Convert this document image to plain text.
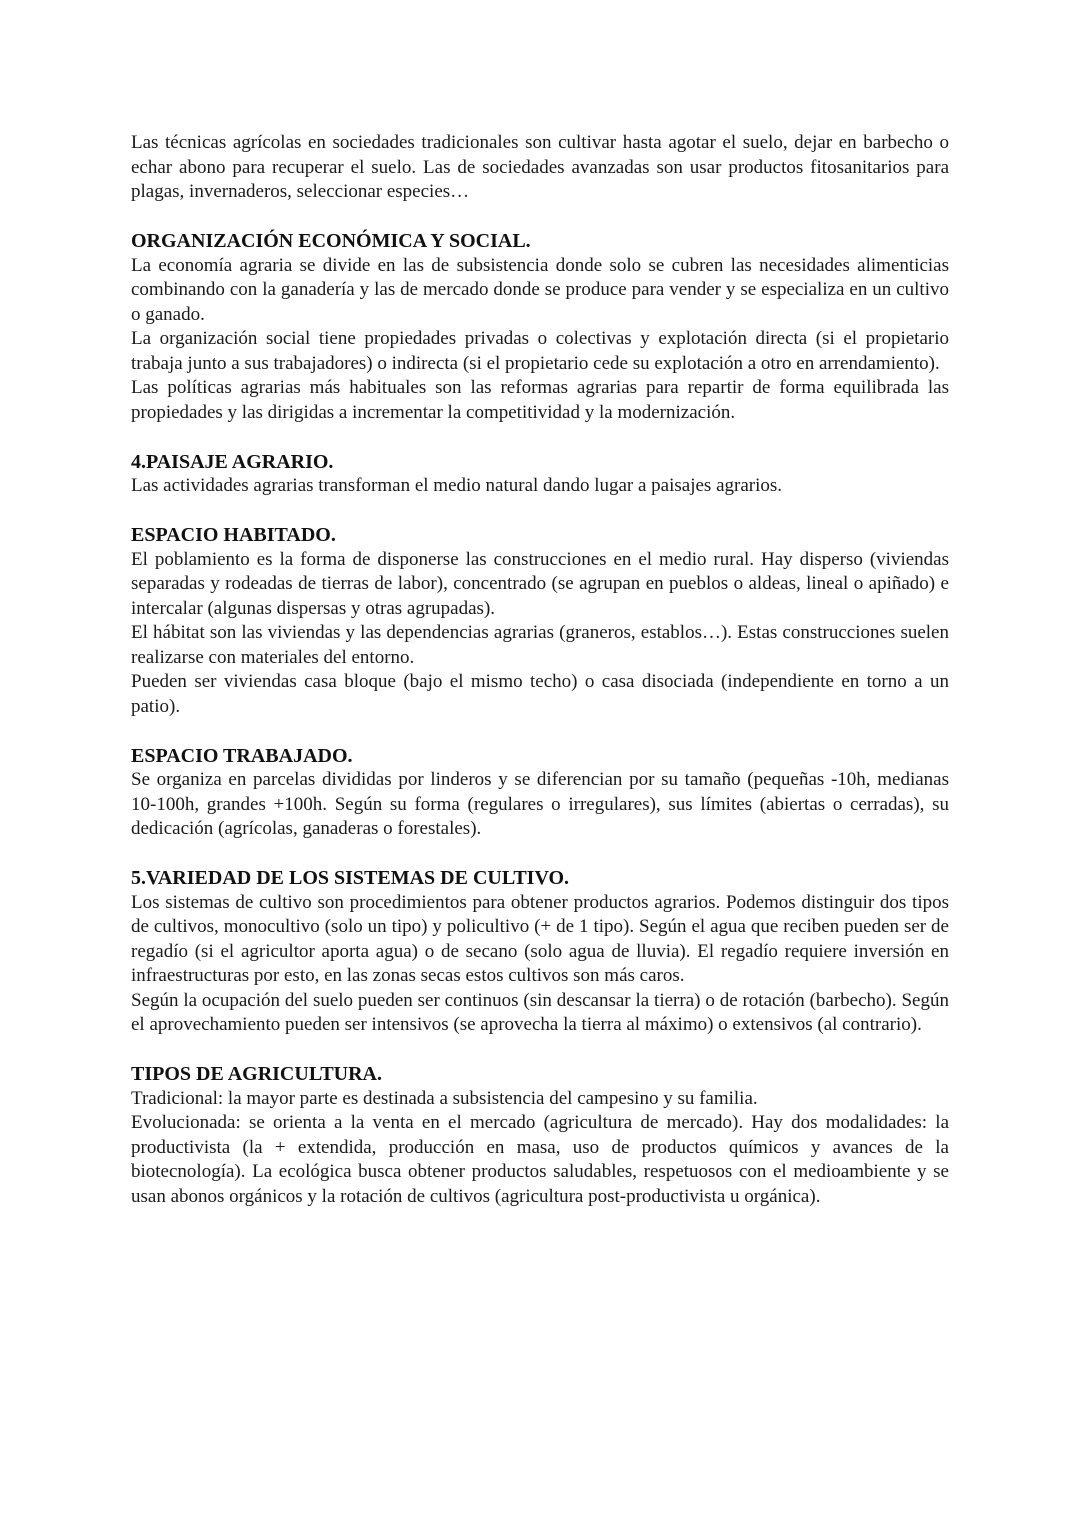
Las técnicas agrícolas en sociedades tradicionales son cultivar hasta agotar el suelo, dejar en barbecho o echar abono para recuperar el suelo. Las de sociedades avanzadas son usar productos fitosanitarios para plagas, invernaderos, seleccionar especies…

ORGANIZACIÓN ECONÓMICA Y SOCIAL.

La economía agraria se divide en las de subsistencia donde solo se cubren las necesidades alimenticias combinando con la ganadería y las de mercado donde se produce para vender y se especializa en un cultivo o ganado.

La organización social tiene propiedades privadas o colectivas y explotación directa (si el propietario trabaja junto a sus trabajadores) o indirecta (si el propietario cede su explotación a otro en arrendamiento).

Las políticas agrarias más habituales son las reformas agrarias para repartir de forma equilibrada las propiedades y las dirigidas a incrementar la competitividad y la modernización.

4.PAISAJE AGRARIO.

Las actividades agrarias transforman el medio natural dando lugar a paisajes agrarios.

ESPACIO HABITADO.

El poblamiento es la forma de disponerse las construcciones en el medio rural. Hay disperso (viviendas separadas y rodeadas de tierras de labor), concentrado (se agrupan en pueblos o aldeas, lineal o apiñado) e intercalar (algunas dispersas y otras agrupadas).

El hábitat son las viviendas y las dependencias agrarias (graneros, establos…). Estas construcciones suelen realizarse con materiales del entorno.

Pueden ser viviendas casa bloque (bajo el mismo techo) o casa disociada (independiente en torno a un patio).

ESPACIO TRABAJADO.

Se organiza en parcelas divididas por linderos y se diferencian por su tamaño (pequeñas -10h, medianas 10-100h, grandes +100h. Según su forma (regulares o irregulares), sus límites (abiertas o cerradas), su dedicación (agrícolas, ganaderas o forestales).

5.VARIEDAD DE LOS SISTEMAS DE CULTIVO.

Los sistemas de cultivo son procedimientos para obtener productos agrarios. Podemos distinguir dos tipos de cultivos, monocultivo (solo un tipo) y policultivo (+ de 1 tipo). Según el agua que reciben pueden ser de regadío (si el agricultor aporta agua) o de secano (solo agua de lluvia). El regadío requiere inversión en infraestructuras por esto, en las zonas secas estos cultivos son más caros.

Según la ocupación del suelo pueden ser continuos (sin descansar la tierra) o de rotación (barbecho). Según el aprovechamiento pueden ser intensivos (se aprovecha la tierra al máximo) o extensivos (al contrario).

TIPOS DE AGRICULTURA.

Tradicional: la mayor parte es destinada a subsistencia del campesino y su familia.

Evolucionada: se orienta a la venta en el mercado (agricultura de mercado). Hay dos modalidades: la productivista (la + extendida, producción en masa, uso de productos químicos y avances de la biotecnología). La ecológica busca obtener productos saludables, respetuosos con el medioambiente y se usan abonos orgánicos y la rotación de cultivos (agricultura post-productivista u orgánica).
